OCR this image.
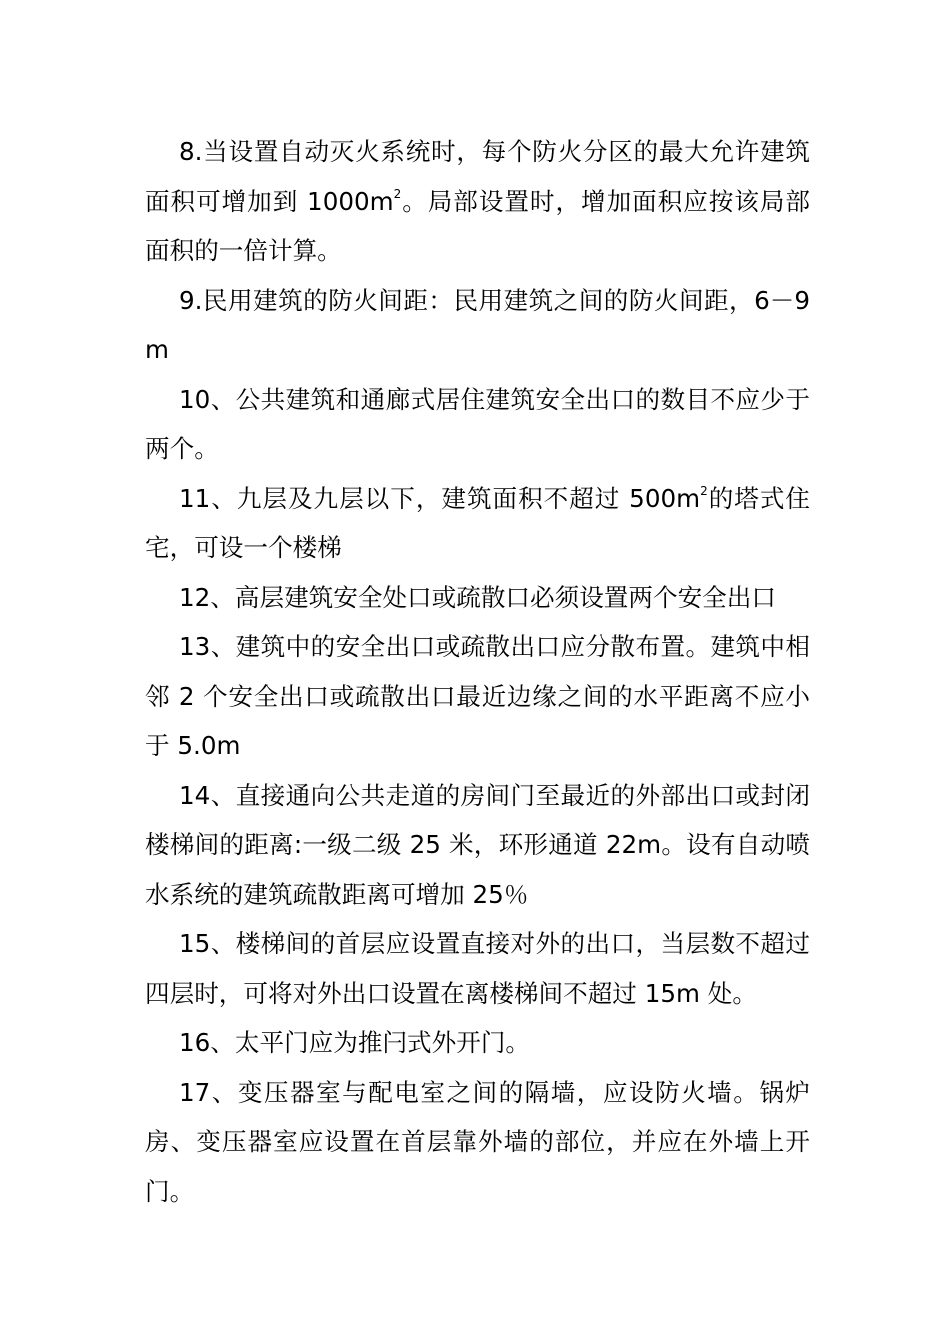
8.当设置自动灭火系统时，每个防火分区的最大允许建筑面积可增加到 $1000m^2$。局部设置时，增加面积应按该局部面积的一倍计算。

9.民用建筑的防火间距：民用建筑之间的防火间距，6－9m

10、公共建筑和通廊式居住建筑安全出口的数目不应少于两个。

11、九层及九层以下，建筑面积不超过 $500m^2$的塔式住宅，可设一个楼梯

12、高层建筑安全处口或疏散口必须设置两个安全出口

13、建筑中的安全出口或疏散出口应分散布置。建筑中相邻 2 个安全出口或疏散出口最近边缘之间的水平距离不应小于 5.0m

14、直接通向公共走道的房间门至最近的外部出口或封闭楼梯间的距离:一级二级 25 米，环形通道 22m。设有自动喷水系统的建筑疏散距离可增加 25％

15、楼梯间的首层应设置直接对外的出口，当层数不超过四层时，可将对外出口设置在离楼梯间不超过 15m 处。

16、太平门应为推闩式外开门。

17、变压器室与配电室之间的隔墙，应设防火墙。锅炉房、变压器室应设置在首层靠外墙的部位，并应在外墙上开门。
